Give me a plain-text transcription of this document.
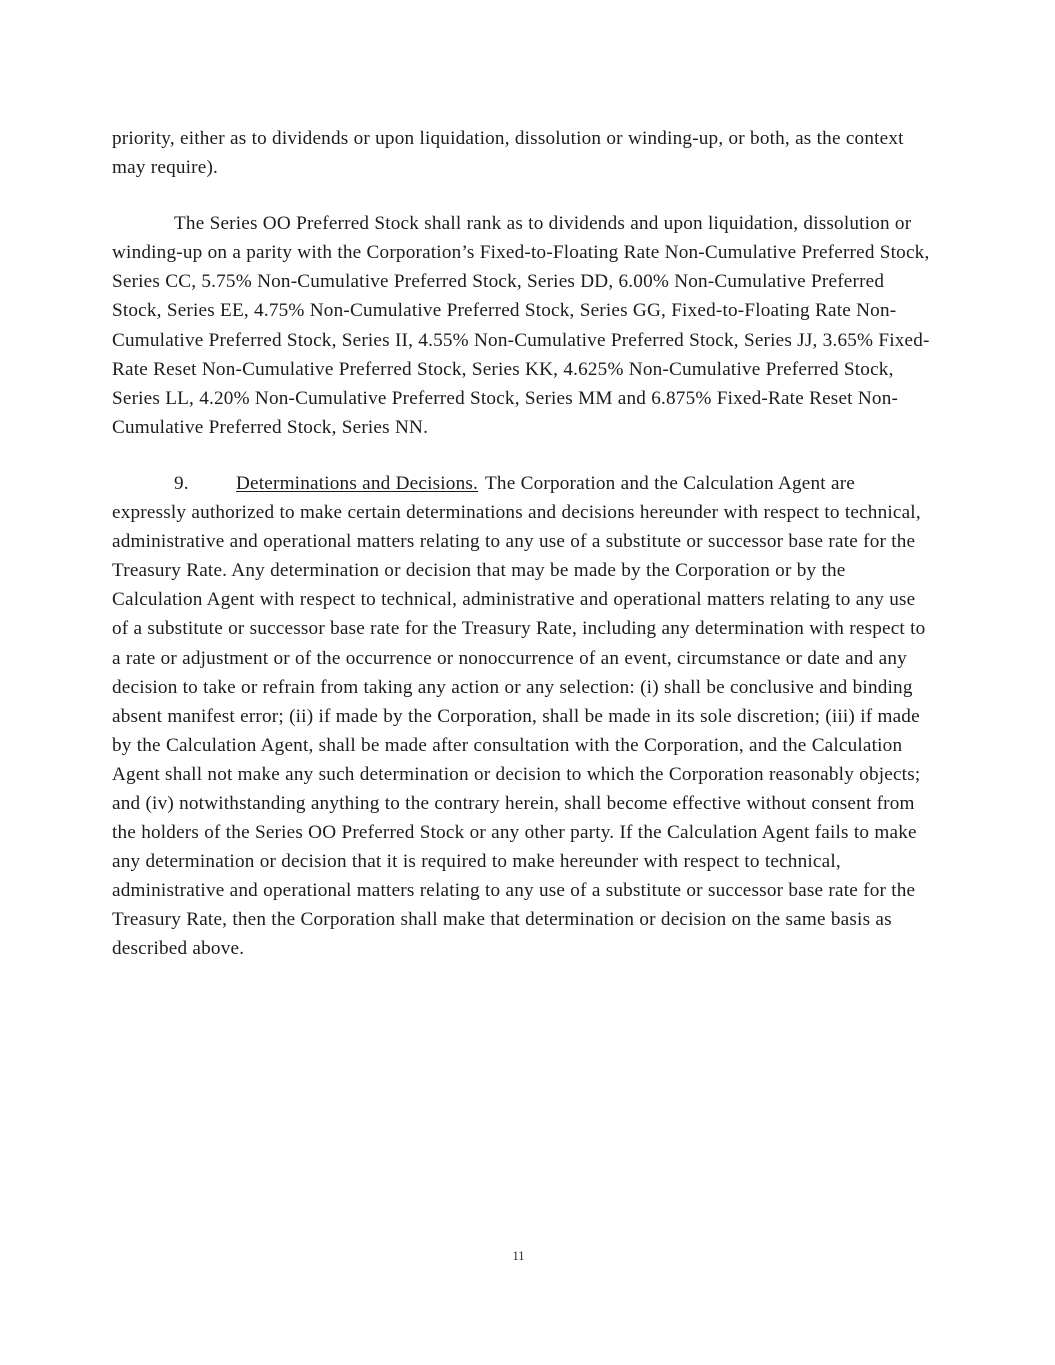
priority, either as to dividends or upon liquidation, dissolution or winding-up, or both, as the context may require).

The Series OO Preferred Stock shall rank as to dividends and upon liquidation, dissolution or winding-up on a parity with the Corporation’s Fixed-to-Floating Rate Non-Cumulative Preferred Stock, Series CC, 5.75% Non-Cumulative Preferred Stock, Series DD, 6.00% Non-Cumulative Preferred Stock, Series EE, 4.75% Non-Cumulative Preferred Stock, Series GG, Fixed-to-Floating Rate Non-Cumulative Preferred Stock, Series II, 4.55% Non-Cumulative Preferred Stock, Series JJ, 3.65% Fixed-Rate Reset Non-Cumulative Preferred Stock, Series KK, 4.625% Non-Cumulative Preferred Stock, Series LL, 4.20% Non-Cumulative Preferred Stock, Series MM and 6.875% Fixed-Rate Reset Non-Cumulative Preferred Stock, Series NN.

9. Determinations and Decisions. The Corporation and the Calculation Agent are expressly authorized to make certain determinations and decisions hereunder with respect to technical, administrative and operational matters relating to any use of a substitute or successor base rate for the Treasury Rate. Any determination or decision that may be made by the Corporation or by the Calculation Agent with respect to technical, administrative and operational matters relating to any use of a substitute or successor base rate for the Treasury Rate, including any determination with respect to a rate or adjustment or of the occurrence or nonoccurrence of an event, circumstance or date and any decision to take or refrain from taking any action or any selection: (i) shall be conclusive and binding absent manifest error; (ii) if made by the Corporation, shall be made in its sole discretion; (iii) if made by the Calculation Agent, shall be made after consultation with the Corporation, and the Calculation Agent shall not make any such determination or decision to which the Corporation reasonably objects; and (iv) notwithstanding anything to the contrary herein, shall become effective without consent from the holders of the Series OO Preferred Stock or any other party. If the Calculation Agent fails to make any determination or decision that it is required to make hereunder with respect to technical, administrative and operational matters relating to any use of a substitute or successor base rate for the Treasury Rate, then the Corporation shall make that determination or decision on the same basis as described above.

11
